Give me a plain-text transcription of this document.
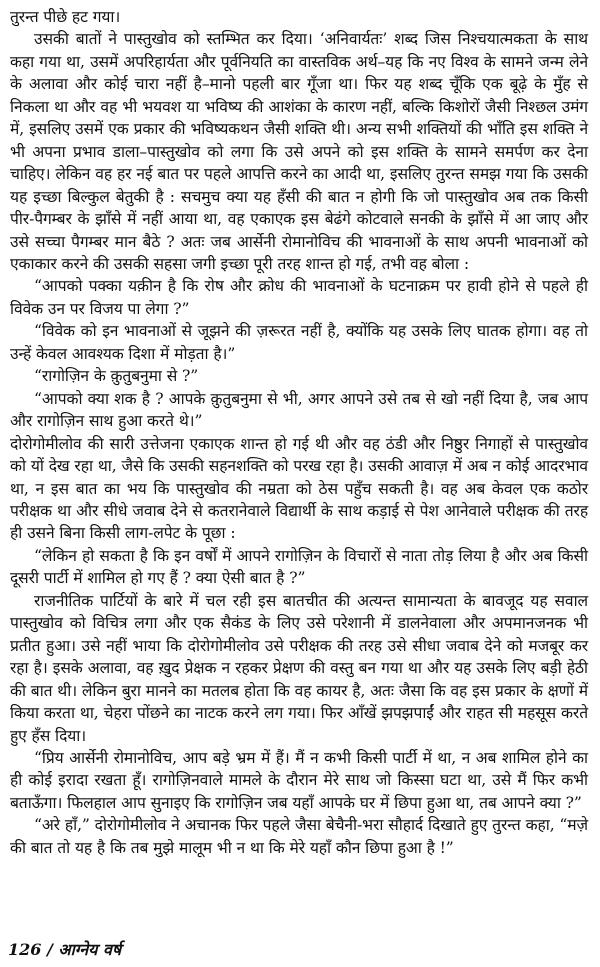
तुरन्त पीछे हट गया।

उसकी बातों ने पास्तुखोव को स्तम्भित कर दिया। ‘अनिवार्यतः’ शब्द जिस निश्चयात्मकता के साथ कहा गया था, उसमें अपरिहार्यता और पूर्वनियति का वास्तविक अर्थ–यह कि नए विश्व के सामने जन्म लेने के अलावा और कोई चारा नहीं है–मानो पहली बार गूँजा था। फिर यह शब्द चूँकि एक बूढ़े के मुँह से निकला था और वह भी भयवश या भविष्य की आशंका के कारण नहीं, बल्कि किशोरों जैसी निश्छल उमंग में, इसलिए उसमें एक प्रकार की भविष्यकथन जैसी शक्ति थी। अन्य सभी शक्तियों की भाँति इस शक्ति ने भी अपना प्रभाव डाला–पास्तुखोव को लगा कि उसे अपने को इस शक्ति के सामने समर्पण कर देना चाहिए। लेकिन वह हर नई बात पर पहले आपत्ति करने का आदी था, इसलिए तुरन्त समझ गया कि उसकी यह इच्छा बिल्कुल बेतुकी है : सचमुच क्या यह हँसी की बात न होगी कि जो पास्तुखोव अब तक किसी पीर-पैगम्बर के झाँसे में नहीं आया था, वह एकाएक इस बेढंगे कोटवाले सनकी के झाँसे में आ जाए और उसे सच्चा पैगम्बर मान बैठे ? अतः जब आर्सेनी रोमानोविच की भावनाओं के साथ अपनी भावनाओं को एकाकार करने की उसकी सहसा जगी इच्छा पूरी तरह शान्त हो गई, तभी वह बोला :

“आपको पक्का यक़ीन है कि रोष और क्रोध की भावनाओं के घटनाक्रम पर हावी होने से पहले ही विवेक उन पर विजय पा लेगा ?”

“विवेक को इन भावनाओं से जूझने की ज़रूरत नहीं है, क्योंकि यह उसके लिए घातक होगा। वह तो उन्हें केवल आवश्यक दिशा में मोड़ता है।”

“रागोज़िन के क़ुतुबनुमा से ?”

“आपको क्या शक है ? आपके क़ुतुबनुमा से भी, अगर आपने उसे तब से खो नहीं दिया है, जब आप और रागोज़िन साथ हुआ करते थे।”

दोरोगोमीलोव की सारी उत्तेजना एकाएक शान्त हो गई थी और वह ठंडी और निष्ठुर निगाहों से पास्तुखोव को यों देख रहा था, जैसे कि उसकी सहनशक्ति को परख रहा है। उसकी आवाज़ में अब न कोई आदरभाव था, न इस बात का भय कि पास्तुखोव की नम्रता को ठेस पहुँच सकती है। वह अब केवल एक कठोर परीक्षक था और सीधे जवाब देने से कतरानेवाले विद्यार्थी के साथ कड़ाई से पेश आनेवाले परीक्षक की तरह ही उसने बिना किसी लाग-लपेट के पूछा :

“लेकिन हो सकता है कि इन वर्षों में आपने रागोज़िन के विचारों से नाता तोड़ लिया है और अब किसी दूसरी पार्टी में शामिल हो गए हैं ? क्या ऐसी बात है ?”

राजनीतिक पार्टियों के बारे में चल रही इस बातचीत की अत्यन्त सामान्यता के बावजूद यह सवाल पास्तुखोव को विचित्र लगा और एक सैकंड के लिए उसे परेशानी में डालनेवाला और अपमानजनक भी प्रतीत हुआ। उसे नहीं भाया कि दोरोगोमीलोव उसे परीक्षक की तरह उसे सीधा जवाब देने को मजबूर कर रहा है। इसके अलावा, वह ख़ुद प्रेक्षक न रहकर प्रेक्षण की वस्तु बन गया था और यह उसके लिए बड़ी हेठी की बात थी। लेकिन बुरा मानने का मतलब होता कि वह कायर है, अतः जैसा कि वह इस प्रकार के क्षणों में किया करता था, चेहरा पोंछने का नाटक करने लग गया। फिर आँखें झपझपाईं और राहत सी महसूस करते हुए हँस दिया।

“प्रिय आर्सेनी रोमानोविच, आप बड़े भ्रम में हैं। मैं न कभी किसी पार्टी में था, न अब शामिल होने का ही कोई इरादा रखता हूँ। रागोज़िनवाले मामले के दौरान मेरे साथ जो किस्सा घटा था, उसे मैं फिर कभी बताऊँगा। फिलहाल आप सुनाइए कि रागोज़िन जब यहाँ आपके घर में छिपा हुआ था, तब आपने क्या ?”

“अरे हाँ,” दोरोगोमीलोव ने अचानक फिर पहले जैसा बेचैनी-भरा सौहार्द दिखाते हुए तुरन्त कहा, “मज़े की बात तो यह है कि तब मुझे मालूम भी न था कि मेरे यहाँ कौन छिपा हुआ है !”

126 / आग्नेय वर्ष
